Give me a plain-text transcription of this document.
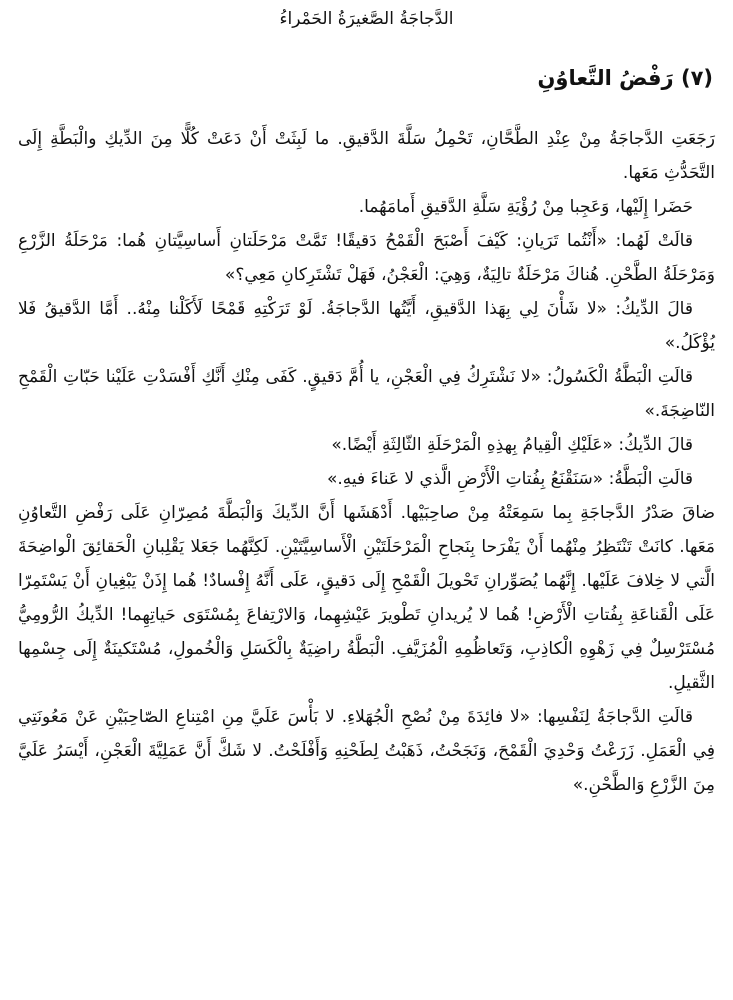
الدَّجاجَةُ الصَّغيرَةُ الحَمْراءُ
(٧) رَفْضُ التَّعاوُنِ

رَجَعَتِ الدَّجاجَةُ مِنْ عِنْدِ الطَّحَّانِ، تَحْمِلُ سَلَّةَ الدَّقيقِ. ما لَبِثَتْ أَنْ دَعَتْ كُلًّا مِنَ الدِّيكِ والْبَطَّةِ إِلَى التَّحَدُّثِ مَعَها.

حَضَرا إِلَيْها، وَعَجِبا مِنْ رُؤْيَةِ سَلَّةِ الدَّقيقِ أَمامَهُما.

قالَتْ لَهُما: «أَنْتُما تَرَيانِ: كَيْفَ أَصْبَحَ الْقَمْحُ دَقيقًا! تَمَّتْ مَرْحَلَتانِ أَساسِيَّتانِ هُما: مَرْحَلَةُ الزَّرْعِ وَمَرْحَلَةُ الطَّحْنِ. هُناكَ مَرْحَلَةٌ تالِيَةٌ، وَهِيَ: الْعَجْنُ، فَهَلْ تَشْتَرِكانِ مَعِي؟»

قالَ الدِّيكُ: «لا شَأْنَ لِي بِهَذا الدَّقيقِ، أَيَّتُها الدَّجاجَةُ. لَوْ تَرَكْتِهِ قَمْحًا لَأَكَلْنا مِنْهُ.. أَمَّا الدَّقيقُ فَلا يُؤْكَلُ.»

قالَتِ الْبَطَّةُ الْكَسُولُ: «لا نَشْتَرِكُ فِي الْعَجْنِ، يا أُمَّ دَقيقٍ. كَفَى مِنْكِ أَنَّكِ أَفْسَدْتِ عَلَيْنا حَبّاتِ الْقَمْحِ النّاضِجَةَ.»

قالَ الدِّيكُ: «عَلَيْكِ الْقِيامُ بِهذِهِ الْمَرْحَلَةِ الثّالِثَةِ أَيْضًا.»

قالَتِ الْبَطَّةُ: «سَنَقْنَعُ بِفُتاتِ الْأَرْضِ الَّذي لا عَناءَ فيهِ.»

ضاقَ صَدْرُ الدَّجاجَةِ بِما سَمِعَتْهُ مِنْ صاحِبَيْها. أَدْهَشَها أَنَّ الدِّيكَ وَالْبَطَّةَ مُصِرّانِ عَلَى رَفْضِ التَّعاوُنِ مَعَها. كانَتْ تَنْتَظِرُ مِنْهُما أَنْ يَفْرَحا بِنَجاحِ الْمَرْحَلَتَيْنِ الْأَساسِيَّتَيْنِ. لَكِنَّهُما جَعَلا يَقْلِبانِ الْحَقائِقَ الْواضِحَةَ الَّتي لا خِلافَ عَلَيْها. إِنَّهُما يُصَوِّرانِ تَحْويلَ الْقَمْحِ إِلَى دَقيقٍ، عَلَى أَنَّهُ إِفْسادٌ! هُما إِذَنْ يَبْغِيانِ أَنْ يَسْتَمِرّا عَلَى الْقَناعَةِ بِفُتاتِ الْأَرْضِ! هُما لا يُريدانِ تَطْويرَ عَيْشِهِما، وَالارْتِفاعَ بِمُسْتَوَى حَياتِهِما! الدِّيكُ الرُّومِيُّ مُسْتَرْسِلٌ فِي زَهْوِهِ الْكاذِبِ، وَتَعاظُمِهِ الْمُزَيَّفِ. الْبَطَّةُ راضِيَةٌ بِالْكَسَلِ وَالْخُمولِ، مُسْتَكينَةٌ إِلَى جِسْمِها الثَّقيلِ.

قالَتِ الدَّجاجَةُ لِنَفْسِها: «لا فائِدَةَ مِنْ نُصْحِ الْجُهَلاءِ. لا بَأْسَ عَلَيَّ مِنِ امْتِناعِ الصّاحِبَيْنِ عَنْ مَعُونَتِي فِي الْعَمَلِ. زَرَعْتُ وَحْدِيَ الْقَمْحَ، وَنَجَحْتُ، ذَهَبْتُ لِطَحْنِهِ وَأَفْلَحْتُ. لا شَكَّ أَنَّ عَمَلِيَّةَ الْعَجْنِ، أَيْسَرُ عَلَيَّ مِنَ الزَّرْعِ وَالطَّحْنِ.»
